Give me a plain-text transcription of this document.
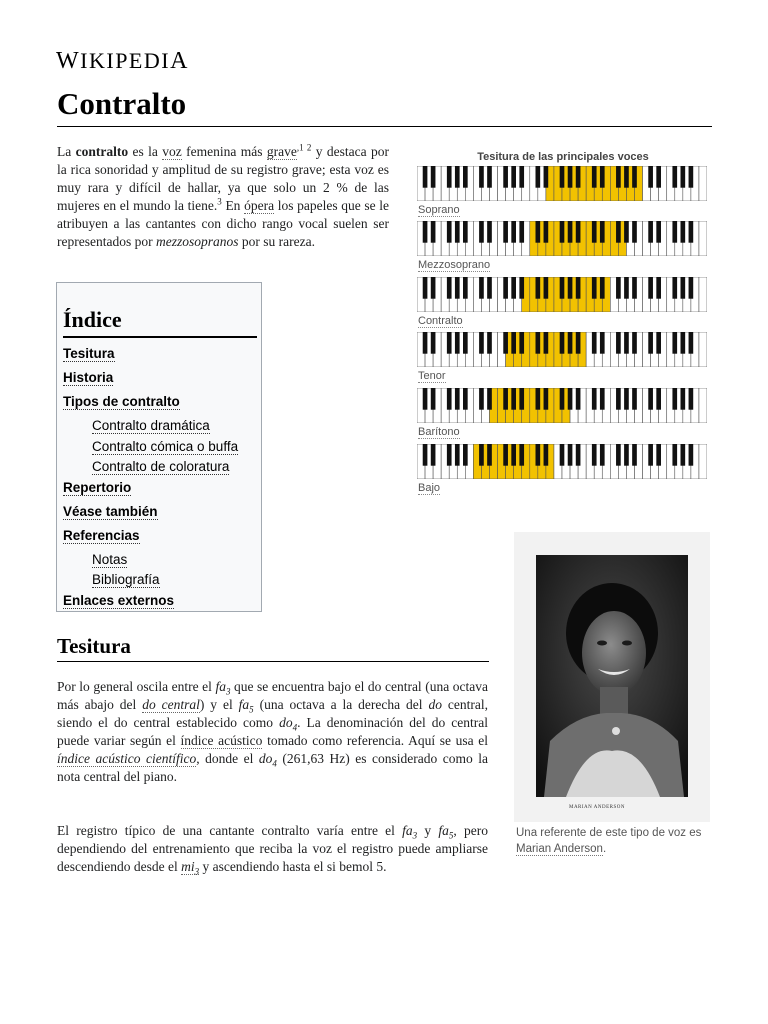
WIKIPEDIA
Contralto

La contralto es la voz femenina más grave$^{,1 2}$ y destaca por la rica sonoridad y amplitud de su registro grave; esta voz es muy rara y difícil de hallar, ya que solo un 2 % de las mujeres en el mundo la tiene.$^3$ En ópera los papeles que se le atribuyen a las cantantes con dicho rango vocal suelen ser representados por mezzosopranos por su rareza.

Índice
Tesitura
Historia
Tipos de contralto
Contralto dramática
Contralto cómica o buffa
Contralto de coloratura
Repertorio
Véase también
Referencias
Notas
Bibliografía
Enlaces externos
Tesitura de las principales voces
Soprano
Mezzosoprano
Contralto
Tenor
Barítono
Bajo
Tesitura

Por lo general oscila entre el $fa_3$ que se encuentra bajo el do central (una octava más abajo del do central) y el $fa_5$ (una octava a la derecha del do central, siendo el do central establecido como $do_4$. La denominación del do central puede variar según el índice acústico tomado como referencia. Aquí se usa el índice acústico científico, donde el $do_4$ (261,63 Hz) es considerado como la nota central del piano.

El registro típico de una cantante contralto varía entre el $fa_3$ y $fa_5$, pero dependiendo del entrenamiento que reciba la voz el registro puede ampliarse descendiendo desde el $mi_3$ y ascendiendo hasta el si bemol 5.

MARIAN ANDERSON

Una referente de este tipo de voz es Marian Anderson.
